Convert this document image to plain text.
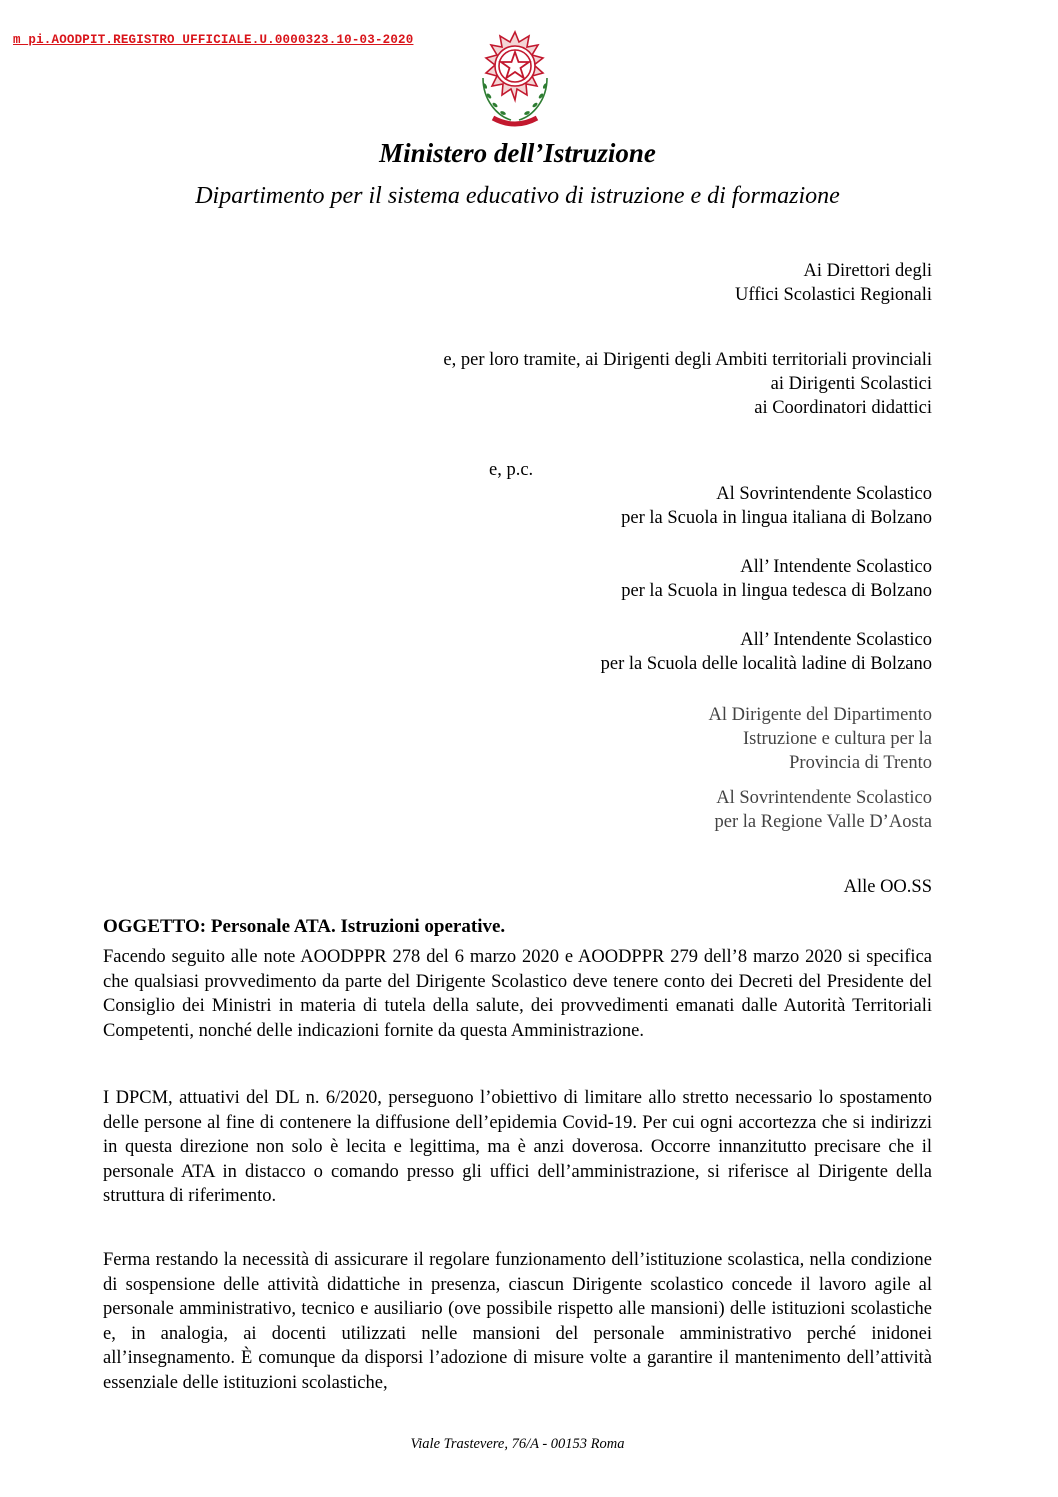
m_pi.AOODPIT.REGISTRO UFFICIALE.U.0000323.10-03-2020
Ministero dell’Istruzione
Dipartimento per il sistema educativo di istruzione e di formazione
Ai Direttori degli
Uffici Scolastici Regionali
e, per loro tramite, ai Dirigenti degli Ambiti territoriali provinciali
ai Dirigenti Scolastici
ai Coordinatori didattici
e, p.c.
Al Sovrintendente Scolastico
per la Scuola in lingua italiana di Bolzano
All’ Intendente Scolastico
per la Scuola in lingua tedesca di Bolzano
All’ Intendente Scolastico
per la Scuola delle località ladine di Bolzano
Al Dirigente del Dipartimento
Istruzione e cultura per la
Provincia di Trento
Al Sovrintendente Scolastico
per la Regione Valle D’Aosta
Alle OO.SS
OGGETTO: Personale ATA. Istruzioni operative.
Facendo seguito alle note AOODPPR 278 del 6 marzo 2020 e AOODPPR 279 dell’8 marzo 2020 si specifica che qualsiasi provvedimento da parte del Dirigente Scolastico deve tenere conto dei Decreti del Presidente del Consiglio dei Ministri in materia di tutela della salute, dei provvedimenti emanati dalle Autorità Territoriali Competenti, nonché delle indicazioni fornite da questa Amministrazione.
I DPCM, attuativi del DL n. 6/2020, perseguono l’obiettivo di limitare allo stretto necessario lo spostamento delle persone al fine di contenere la diffusione dell’epidemia Covid-19. Per cui ogni accortezza che si indirizzi in questa direzione non solo è lecita e legittima, ma è anzi doverosa. Occorre innanzitutto precisare che il personale ATA in distacco o comando presso gli uffici dell’amministrazione, si riferisce al Dirigente della struttura di riferimento.
Ferma restando la necessità di assicurare il regolare funzionamento dell’istituzione scolastica, nella condizione di sospensione delle attività didattiche in presenza, ciascun Dirigente scolastico concede il lavoro agile al personale amministrativo, tecnico e ausiliario (ove possibile rispetto alle mansioni) delle istituzioni scolastiche e, in analogia, ai docenti utilizzati nelle mansioni del personale amministrativo perché inidonei all’insegnamento. È comunque da disporsi l’adozione di misure volte a garantire il mantenimento dell’attività essenziale delle istituzioni scolastiche,
Viale Trastevere, 76/A - 00153 Roma
